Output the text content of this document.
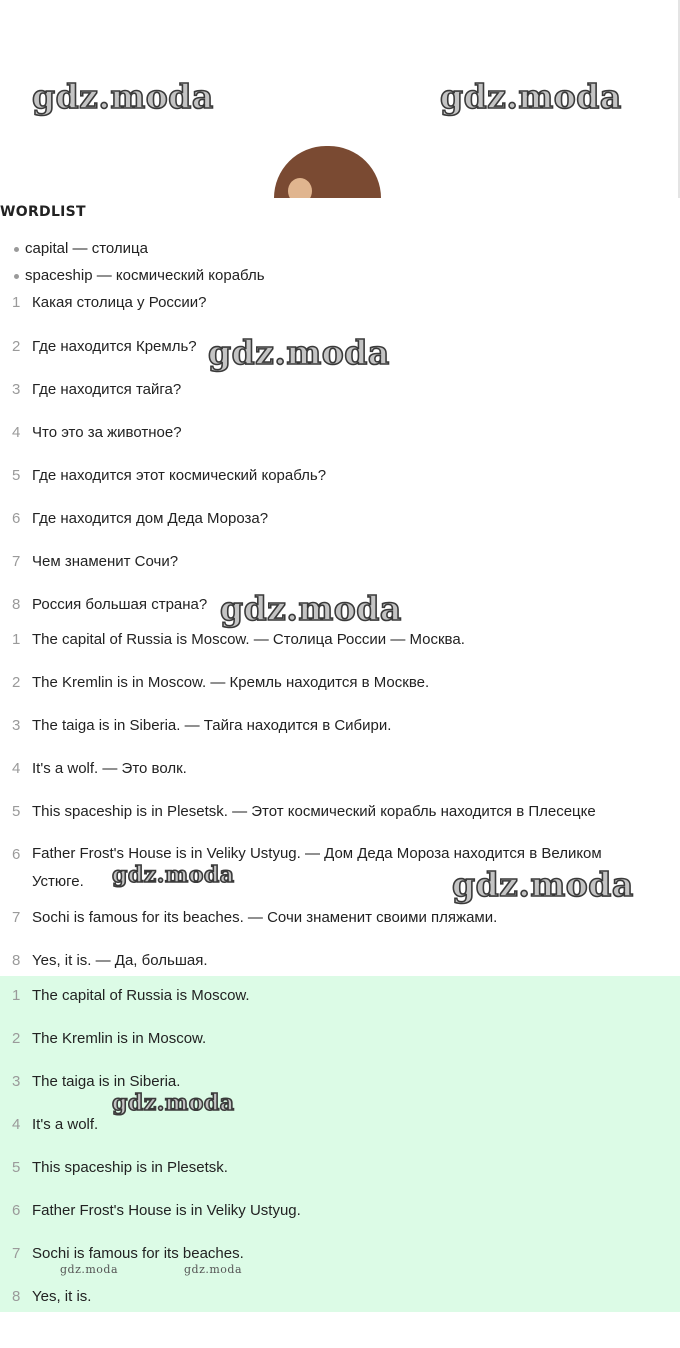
gdz.moda	gdz.moda
gdz.moda
gdz.moda
gdz.moda
WORDLIST
capital — столица
spaceship — космический корабль
1 Какая столица у России?
2 Где находится Кремль?
3 Где находится тайга?
4 Что это за животное?
5 Где находится этот космический корабль?
6 Где находится дом Деда Мороза?
7 Чем знаменит Сочи?
8 Россия большая страна?
1 The capital of Russia is Moscow. — Столица России — Москва.
2 The Kremlin is in Moscow. — Кремль находится в Москве.
3 The taiga is in Siberia. — Тайга находится в Сибири.
4 It's a wolf. — Это волк.
5 This spaceship is in Plesetsk. — Этот космический корабль находится в Плесецке
6 Father Frost's House is in Veliky Ustyug. — Дом Деда Мороза находится в Великом Устюге.
7 Sochi is famous for its beaches. — Сочи знаменит своими пляжами.
8 Yes, it is. — Да, большая.
1 The capital of Russia is Moscow.
2 The Kremlin is in Moscow.
3 The taiga is in Siberia.
4 It's a wolf.
5 This spaceship is in Plesetsk.
6 Father Frost's House is in Veliky Ustyug.
7 Sochi is famous for its beaches.
8 Yes, it is.
gdz.moda
gdz.moda
gdz.moda	gdz.moda
